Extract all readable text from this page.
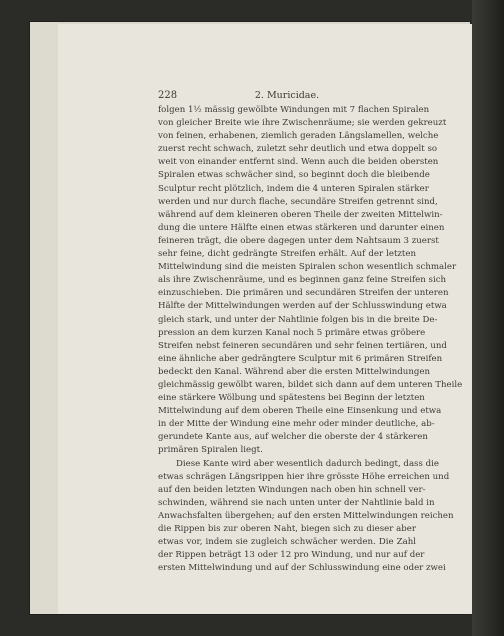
228	2. Muricidae.
folgen 1½ mässig gewölbte Windungen mit 7 flachen Spiralen
von gleicher Breite wie ihre Zwischenräume; sie werden gekreuzt
von feinen, erhabenen, ziemlich geraden Längslamellen, welche
zuerst recht schwach, zuletzt sehr deutlich und etwa doppelt so
weit von einander entfernt sind. Wenn auch die beiden obersten
Spiralen etwas schwächer sind, so beginnt doch die bleibende
Sculptur recht plötzlich, indem die 4 unteren Spiralen stärker
werden und nur durch flache, secundäre Streifen getrennt sind,
während auf dem kleineren oberen Theile der zweiten Mittelwin-
dung die untere Hälfte einen etwas stärkeren und darunter einen
feineren trägt, die obere dagegen unter dem Nahtsaum 3 zuerst
sehr feine, dicht gedrängte Streifen erhält. Auf der letzten
Mittelwindung sind die meisten Spiralen schon wesentlich schmaler
als ihre Zwischenräume, und es beginnen ganz feine Streifen sich
einzuschieben. Die primären und secundären Streifen der unteren
Hälfte der Mittelwindungen werden auf der Schlusswindung etwa
gleich stark, und unter der Nahtlinie folgen bis in die breite De-
pression an dem kurzen Kanal noch 5 primäre etwas gröbere
Streifen nebst feineren secundären und sehr feinen tertiären, und
eine ähnliche aber gedrängtere Sculptur mit 6 primären Streifen
bedeckt den Kanal. Während aber die ersten Mittelwindungen
gleichmässig gewölbt waren, bildet sich dann auf dem unteren Theile
eine stärkere Wölbung und spätestens bei Beginn der letzten
Mittelwindung auf dem oberen Theile eine Einsenkung und etwa
in der Mitte der Windung eine mehr oder minder deutliche, ab-
gerundete Kante aus, auf welcher die oberste der 4 stärkeren
primären Spiralen liegt.
Diese Kante wird aber wesentlich dadurch bedingt, dass die
etwas schrägen Längsrippen hier ihre grösste Höhe erreichen und
auf den beiden letzten Windungen nach oben hin schnell ver-
schwinden, während sie nach unten unter der Nahtlinie bald in
Anwachsfalten übergehen; auf den ersten Mittelwindungen reichen
die Rippen bis zur oberen Naht, biegen sich zu dieser aber
etwas vor, indem sie zugleich schwächer werden. Die Zahl
der Rippen beträgt 13 oder 12 pro Windung, und nur auf der
ersten Mittelwindung und auf der Schlusswindung eine oder zwei
